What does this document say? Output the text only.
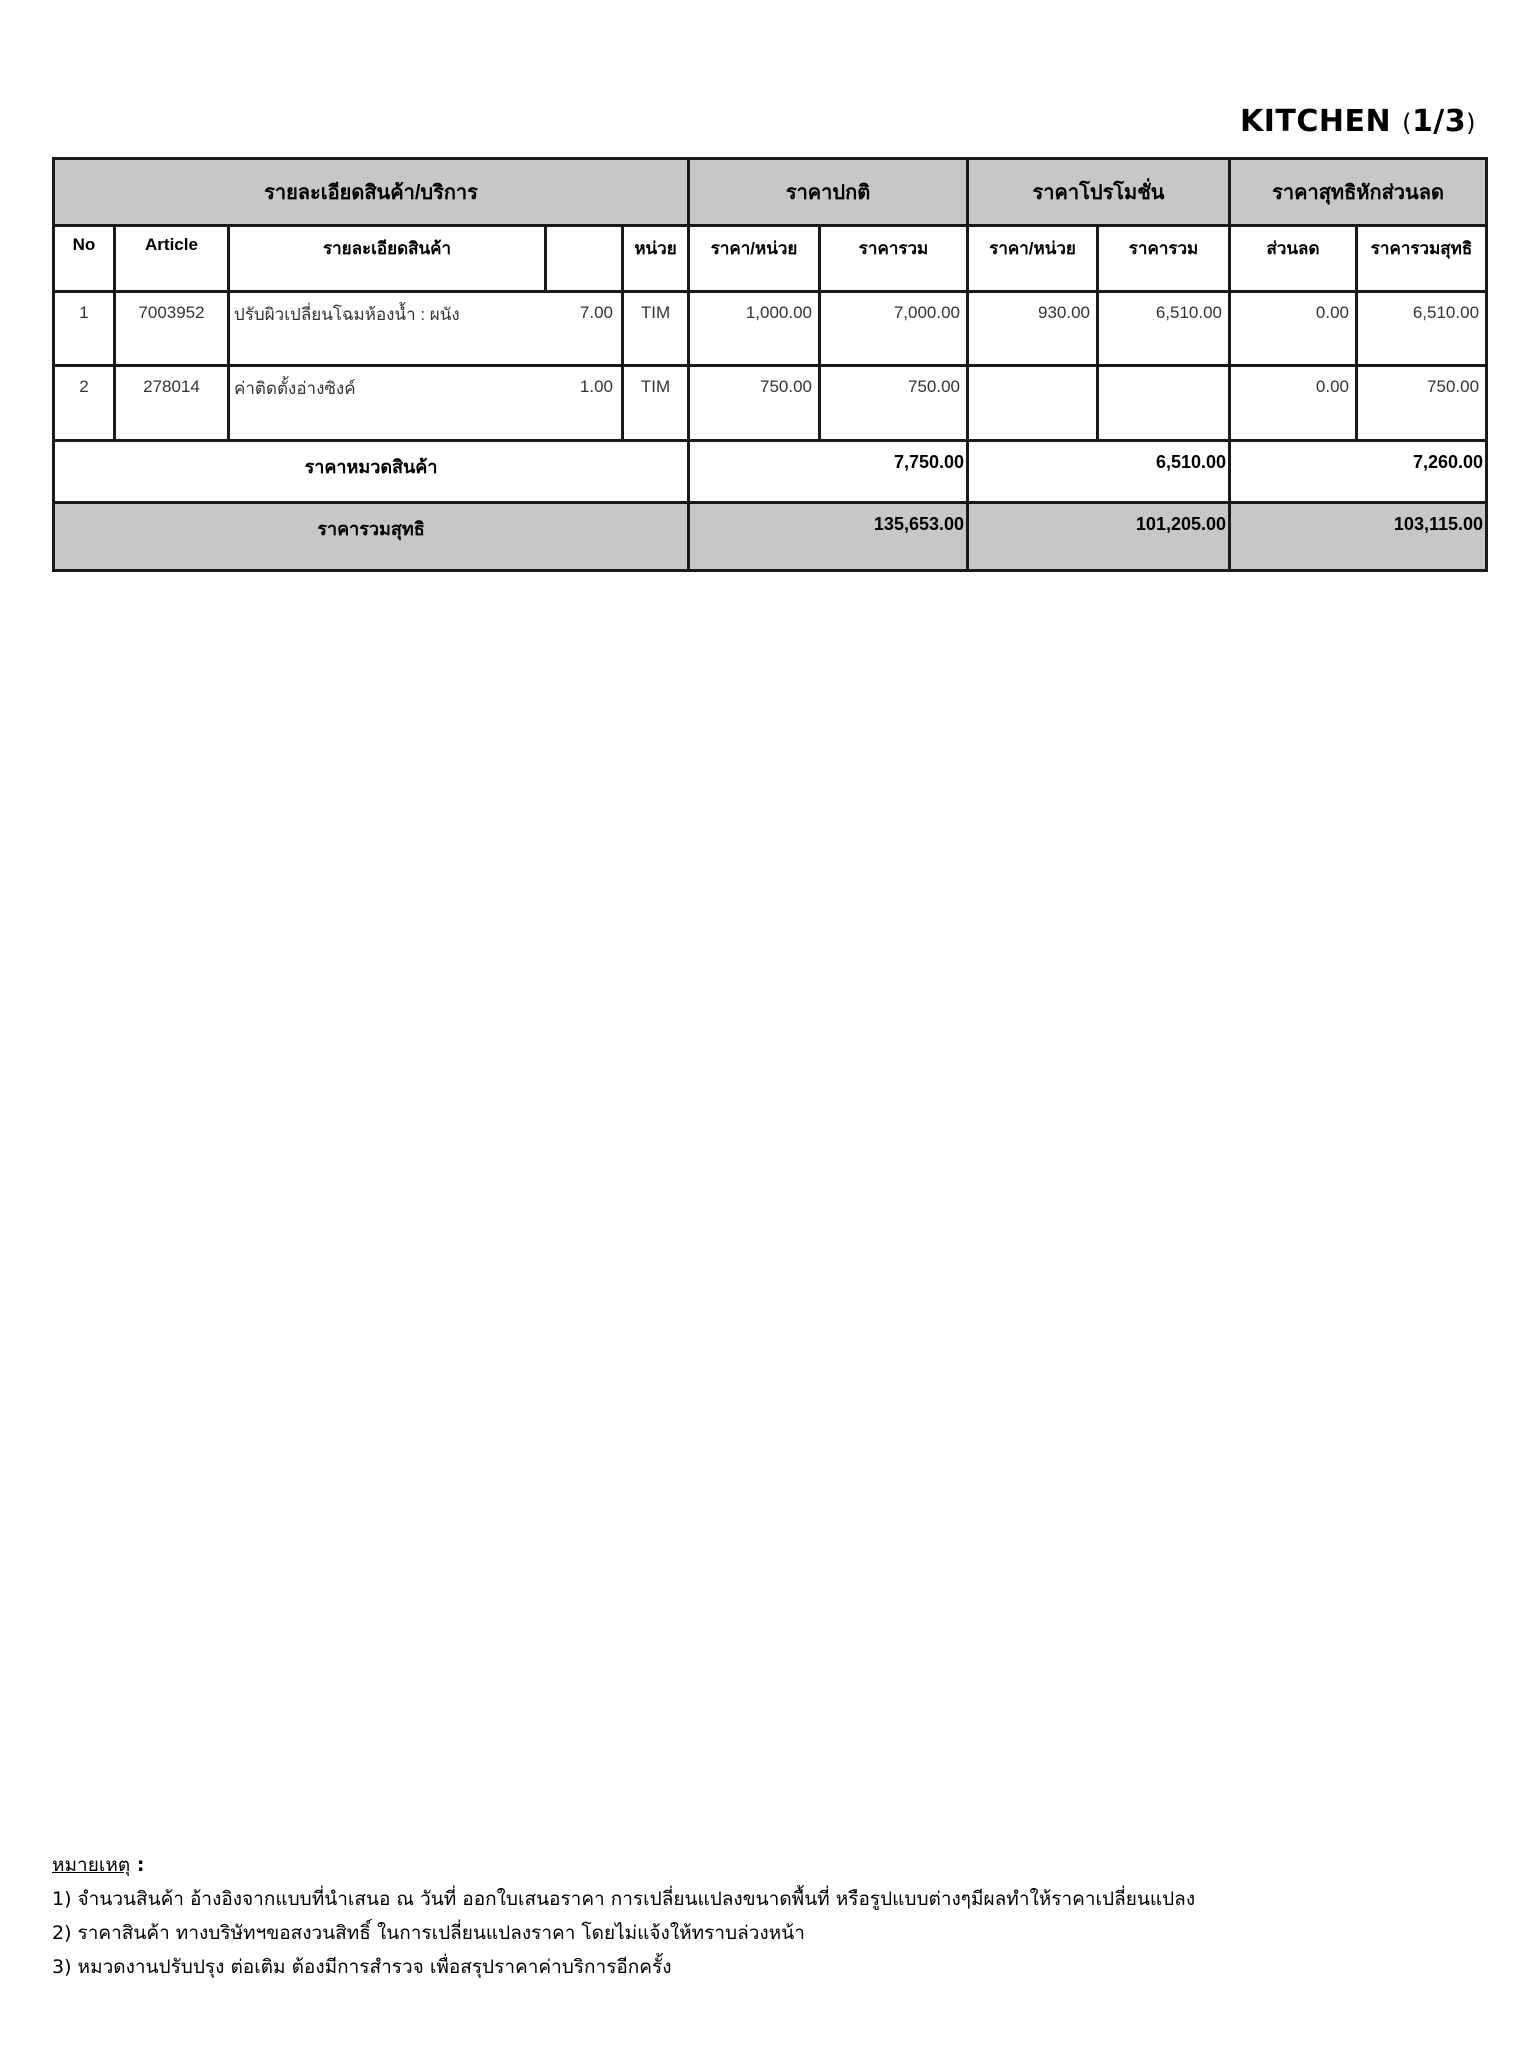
KITCHEN (1/3)
รายละเอียดสินค้า/บริการ					ราคาปกติ		ราคาโปรโมชั่น		ราคาสุทธิหักส่วนลด	
No	Article	รายละเอียดสินค้า		หน่วย	ราคา/หน่วย	ราคารวม	ราคา/หน่วย	ราคารวม	ส่วนลด	ราคารวมสุทธิ
1	7003952	ปรับผิวเปลี่ยนโฉมห้องน้ำ : ผนัง	7.00	TIM	1,000.00	7,000.00	930.00	6,510.00	0.00	6,510.00
2	278014	ค่าติดตั้งอ่างซิงค์	1.00	TIM	750.00	750.00			0.00	750.00
ราคาหมวดสินค้า					7,750.00		6,510.00		7,260.00	
ราคารวมสุทธิ					135,653.00		101,205.00		103,115.00	
หมายเหตุ :
1) จำนวนสินค้า อ้างอิงจากแบบที่นำเสนอ ณ วันที่ ออกใบเสนอราคา การเปลี่ยนแปลงขนาดพื้นที่ หรือรูปแบบต่างๆมีผลทำให้ราคาเปลี่ยนแปลง
2) ราคาสินค้า ทางบริษัทฯขอสงวนสิทธิ์ ในการเปลี่ยนแปลงราคา โดยไม่แจ้งให้ทราบล่วงหน้า
3) หมวดงานปรับปรุง ต่อเติม ต้องมีการสำรวจ เพื่อสรุปราคาค่าบริการอีกครั้ง
